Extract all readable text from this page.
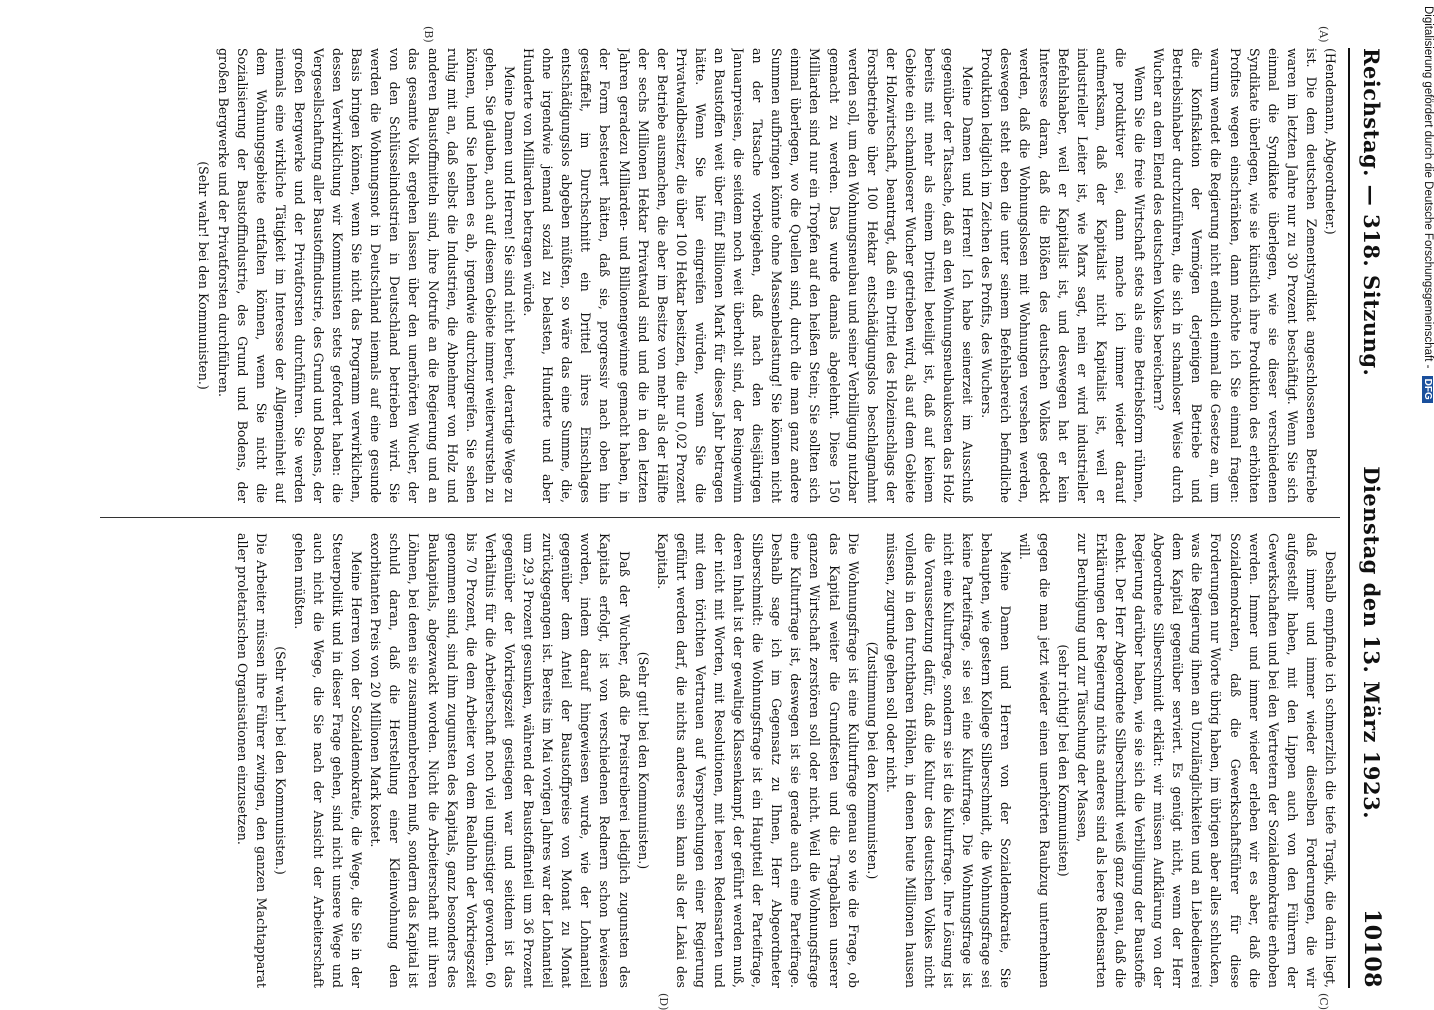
Digitalisierung gefördert durch die Deutsche Forschungsgemeinschaft - DFG
Reichstag. — 318. Sitzung.
Dienstag den 13. März 1923.
10108
(A)
(B)
(C)
(D)

(Hendemann, Abgeordneter.)

ist. Die dem deutschen Zementsyndikat angeschlossenen Betriebe waren im letzten Jahre nur zu 30 Prozent beschäftigt. Wenn Sie sich einmal die Syndikate überlegen, wie sie dieser verschiedenen Syndikate überlegen, wie sie künstlich ihre Produktion des erhöhten Profites wegen einschränken, dann möchte ich Sie einmal fragen: warum wendet die Regierung nicht endlich einmal die Gesetze an, um die Konfiskation der Vermögen derjenigen Betriebe und Betriebsinhaber durchzuführen, die sich in schamloser Weise durch Wucher an dem Elend des deutschen Volkes bereichern?

Wenn Sie die freie Wirtschaft stets als eine Betriebsform rühmen, die produktiver sei, dann mache ich immer wieder darauf aufmerksam, daß der Kapitalist nicht Kapitalist ist, weil er industrieller Leiter ist, wie Marx sagt, nein er wird industrieller Befehlshaber, weil er Kapitalist ist, und deswegen hat er kein Interesse daran, daß die Blößen des deutschen Volkes gedeckt werden, daß die Wohnungslosen mit Wohnungen versehen werden, deswegen steht eben die unter seinem Befehlsbereich befindliche Produktion lediglich im Zeichen des Profits, des Wuchers.

Meine Damen und Herren! Ich habe seinerzeit im Ausschuß gegenüber der Tatsache, daß an den Wohnungsneubaukosten das Holz bereits mit mehr als einem Drittel beteiligt ist, daß auf keinem Gebiete ein schamloserer Wucher getrieben wird, als auf dem Gebiete der Holzwirtschaft, beantragt, daß ein Drittel des Holzeinschlags der Forstbetriebe über 100 Hektar entschädigungslos beschlagnahmt werden soll, um den Wohnungsneubau und seiner Verbilligung nutzbar gemacht zu werden. Das wurde damals abgelehnt. Diese 150 Milliarden sind nur ein Tropfen auf den heißen Stein; Sie sollten sich einmal überlegen, wo die Quellen sind, durch die man ganz andere Summen aufbringen könnte ohne Massenbelastung! Sie können nicht an der Tatsache vorbeigehen, daß nach den diesjährigen Januarpreisen, die seitdem noch weit überholt sind, der Reingewinn an Baustoffen weit über fünf Billionen Mark für dieses Jahr betragen hätte. Wenn Sie hier eingreifen würden, wenn Sie die Privatwaldbesitzer, die über 100 Hektar besitzen, die nur 0,02 Prozent der Betriebe ausmachen, die aber im Besitze von mehr als der Hälfte der sechs Millionen Hektar Privatwald sind und die in den letzten Jahren geradezu Milliarden- und Billionengewinne gemacht haben, in der Form besteuert hätten, daß sie, progressiv nach oben hin gestaffelt, im Durchschnitt ein Drittel ihres Einschlages entschädigungslos abgeben müßten, so wäre das eine Summe, die, ohne irgendwie jemand sozial zu belasten, Hunderte und aber Hunderte von Milliarden betragen würde.

Meine Damen und Herren! Sie sind nicht bereit, derartige Wege zu gehen. Sie glauben, auch auf diesem Gebiete immer weiterwursteln zu können, und Sie lehnen es ab, irgendwie durchzugreifen. Sie sehen ruhig mit an, daß selbst die Industrien, die Abnehmer von Holz und anderen Baustoffmitteln sind, ihre Notrufe an die Regierung und an das gesamte Volk ergehen lassen über den unerhörten Wucher, der von den Schlüsselindustrien in Deutschland betrieben wird. Sie werden die Wohnungsnot in Deutschland niemals auf eine gesunde Basis bringen können, wenn Sie nicht das Programm verwirklichen, dessen Verwirklichung wir Kommunisten stets gefordert haben: die Vergesellschaftung aller Baustoffindustrie, des Grund und Bodens, der großen Bergwerke und der Privatforsten durchführen. Sie werden niemals eine wirkliche Tätigkeit im Interesse der Allgemeinheit auf dem Wohnungsgebiete entfalten können, wenn Sie nicht die Sozialisierung der Baustoffindustrie, des Grund und Bodens, der großen Bergwerke und der Privatforsten durchführen.

(Sehr wahr! bei den Kommunisten.)

Deshalb empfinde ich schmerzlich die tiefe Tragik, die darin liegt, daß immer und immer wieder dieselben Forderungen, die wir aufgestellt haben, mit den Lippen auch von den Führern der Gewerkschaften und bei den Vertretern der Sozialdemokratie erhoben werden. Immer und immer wieder erleben wir es aber, daß die Sozialdemokraten, daß die Gewerkschaftsführer für diese Forderungen nur Worte übrig haben, im übrigen aber alles schlucken, was die Regierung ihnen an Unzulänglichkeiten und an Liebedienerei dem Kapital gegenüber serviert. Es genügt nicht, wenn der Herr Abgeordnete Silberschmidt erklärt: wir müssen Aufklärung von der Regierung darüber haben, wie sie sich die Verbilligung der Baustoffe denkt. Der Herr Abgeordnete Silberschmidt weiß ganz genau, daß die Erklärungen der Regierung nichts anderes sind als leere Redensarten zur Beruhigung und zur Täuschung der Massen,

(sehr richtig! bei den Kommunisten)

gegen die man jetzt wieder einen unerhörten Raubzug unternehmen will.

Meine Damen und Herren von der Sozialdemokratie, Sie behaupten, wie gestern Kollege Silberschmidt, die Wohnungsfrage sei keine Parteifrage, sie sei eine Kulturfrage. Die Wohnungsfrage ist nicht eine Kulturfrage, sondern sie ist die Kulturfrage. Ihre Lösung ist die Voraussetzung dafür, daß die Kultur des deutschen Volkes nicht vollends in den furchtbaren Höhlen, in denen heute Millionen hausen müssen, zugrunde gehen soll oder nicht.

(Zustimmung bei den Kommunisten.)

Die Wohnungsfrage ist eine Kulturfrage genau so wie die Frage, ob das Kapital weiter die Grundfesten und die Tragbalken unserer ganzen Wirtschaft zerstören soll oder nicht. Weil die Wohnungsfrage eine Kulturfrage ist, deswegen ist sie gerade auch eine Parteifrage. Deshalb sage ich im Gegensatz zu Ihnen, Herr Abgeordneter Silberschmidt: die Wohnungsfrage ist ein Hauptteil der Parteifrage, deren Inhalt ist der gewaltige Klassenkampf, der geführt werden muß, der nicht mit Worten, mit Resolutionen, mit leeren Redensarten und mit dem törichten Vertrauen auf Versprechungen einer Regierung geführt werden darf, die nichts anderes sein kann als der Lakai des Kapitals.

(Sehr gut! bei den Kommunisten.)

Daß der Wucher, daß die Preistreiberei lediglich zugunsten des Kapitals erfolgt, ist von verschiedenen Rednern schon bewiesen worden, indem darauf hingewiesen wurde, wie der Lohnanteil gegenüber dem Anteil der Baustoffpreise von Monat zu Monat zurückgegangen ist. Bereits im Mai vorigen Jahres war der Lohnanteil um 29,3 Prozent gesunken, während der Baustoffanteil um 36 Prozent gegenüber der Vorkriegszeit gestiegen war und seitdem ist das Verhältnis für die Arbeiterschaft noch viel ungünstiger geworden. 60 bis 70 Prozent, die dem Arbeiter von dem Reallohn der Vorkriegszeit genommen sind, sind ihm zugunsten des Kapitals, ganz besonders des Baukapitals, abgezwackt worden. Nicht die Arbeiterschaft mit ihren Löhnen, bei denen sie zusammenbrechen muß, sondern das Kapital ist schuld daran, daß die Herstellung einer Kleinwohnung den exorbitanten Preis von 20 Millionen Mark kostet.

Meine Herren von der Sozialdemokratie, die Wege, die Sie in der Steuerpolitik und in dieser Frage gehen, sind nicht unsere Wege und auch nicht die Wege, die Sie nach der Ansicht der Arbeiterschaft gehen müßten.

(Sehr wahr! bei den Kommunisten.)

Die Arbeiter müssen ihre Führer zwingen, den ganzen Machtapparat aller proletarischen Organisationen einzusetzen.
